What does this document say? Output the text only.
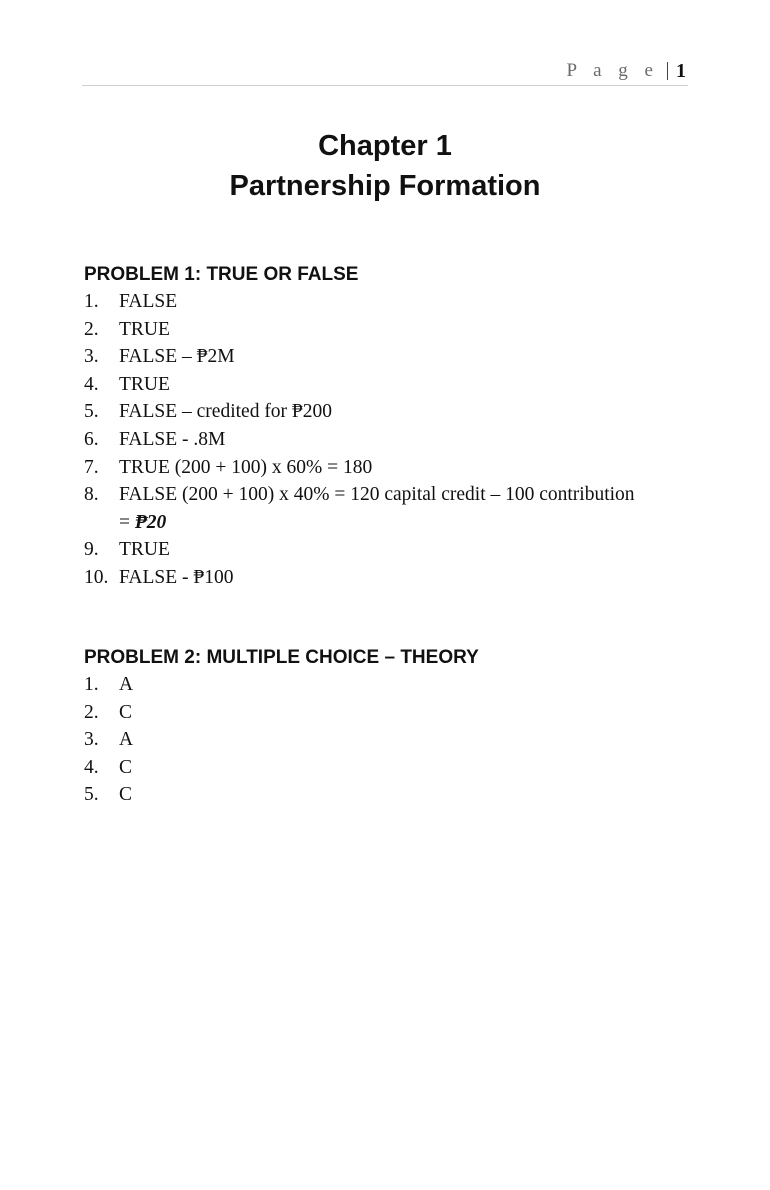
P a g e 1
Chapter 1
Partnership Formation
PROBLEM 1: TRUE OR FALSE
1.	FALSE
2.	TRUE
3.	FALSE – ₱2M
4.	TRUE
5.	FALSE – credited for ₱200
6.	FALSE - .8M
7.	TRUE (200 + 100) x 60% = 180
8.	FALSE (200 + 100) x 40% = 120 capital credit – 100 contribution
= ₱20
9.	TRUE
10. FALSE - ₱100
PROBLEM 2: MULTIPLE CHOICE – THEORY
1.	A
2.	C
3.	A
4.	C
5.	C
